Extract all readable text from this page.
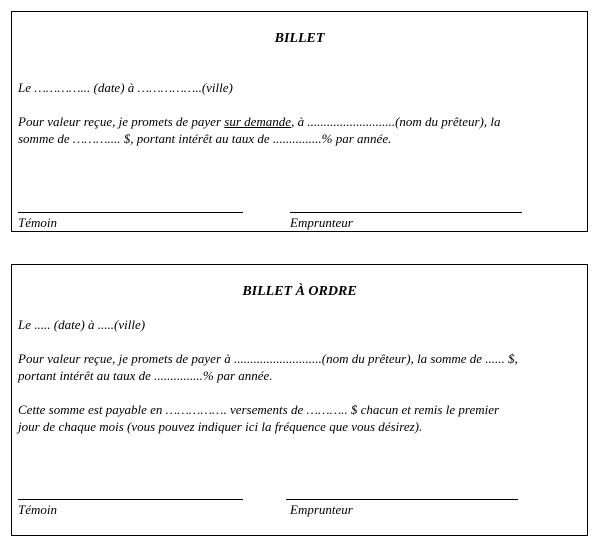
BILLET
Le …………... (date) à ……………..(ville)
Pour valeur reçue, je promets de payer sur demande, à ...........................(nom du prêteur), la
somme de ……….... $, portant intérêt au taux de ...............% par année.
Témoin	Emprunteur
BILLET À ORDRE
Le ..... (date) à .....(ville)
Pour valeur reçue, je promets de payer à ...........................(nom du prêteur), la somme de ...... $,
portant intérêt au taux de ...............% par année.
Cette somme est payable en ……………. versements de ……….. $ chacun et remis le premier
jour de chaque mois (vous pouvez indiquer ici la fréquence que vous désirez).
Témoin	Emprunteur
